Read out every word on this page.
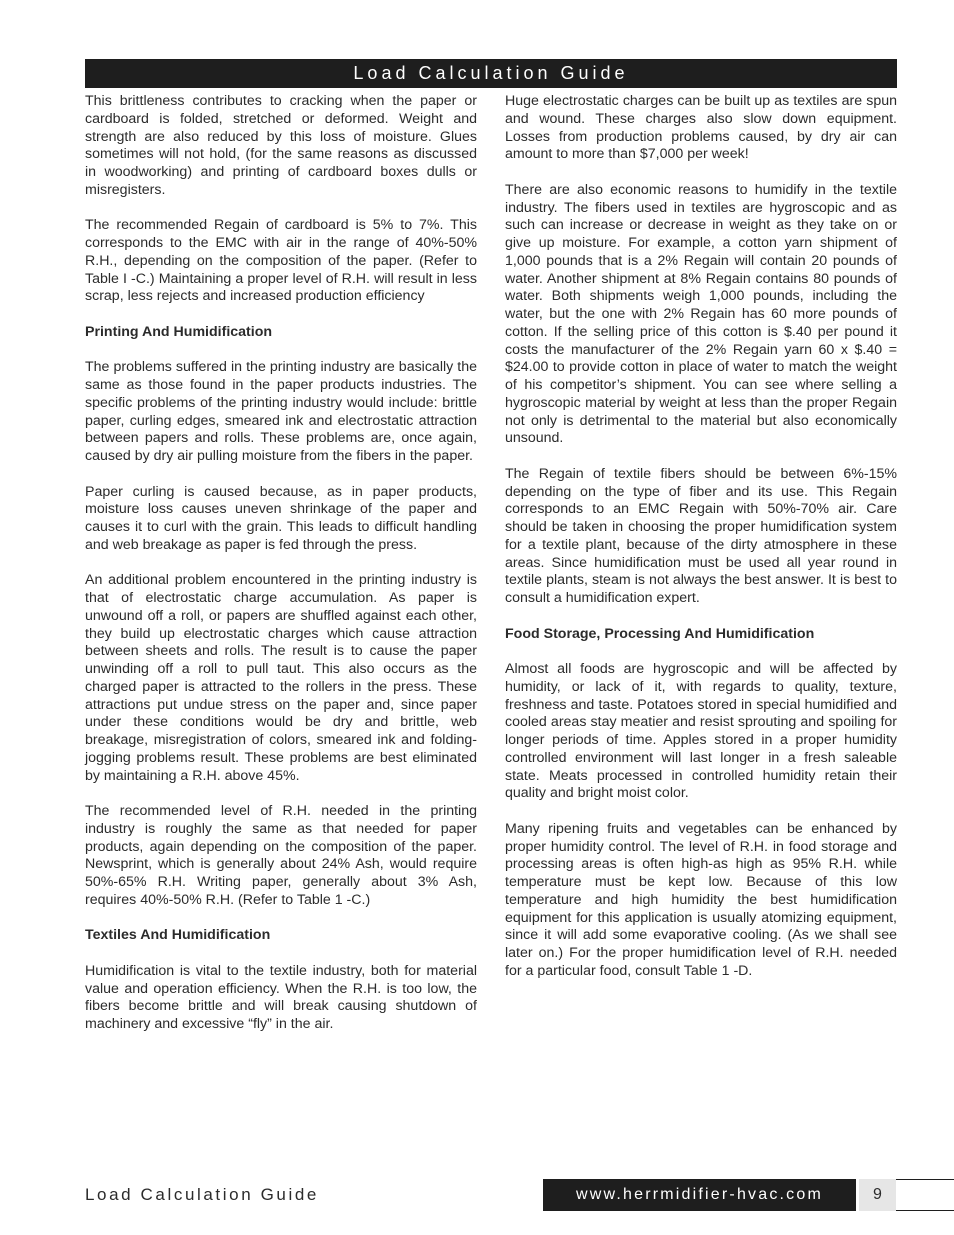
Load Calculation Guide

This brittleness contributes to cracking when the paper or cardboard is folded, stretched or deformed. Weight and strength are also reduced by this loss of moisture. Glues sometimes will not hold, (for the same reasons as discussed in woodworking) and printing of cardboard boxes dulls or misregisters.

The recommended Regain of cardboard is 5% to 7%. This corresponds to the EMC with air in the range of 40%-50% R.H., depending on the composition of the paper. (Refer to Table I -C.) Maintaining a proper level of R.H. will result in less scrap, less rejects and increased production efficiency

Printing And Humidification

The problems suffered in the printing industry are basically the same as those found in the paper products industries. The specific problems of the printing industry would include: brittle paper, curling edges, smeared ink and electrostatic attraction between papers and rolls. These problems are, once again, caused by dry air pulling moisture from the fibers in the paper.

Paper curling is caused because, as in paper products, moisture loss causes uneven shrinkage of the paper and causes it to curl with the grain. This leads to difficult handling and web breakage as paper is fed through the press.

An additional problem encountered in the printing industry is that of electrostatic charge accumulation. As paper is unwound off a roll, or papers are shuffled against each other, they build up electrostatic charges which cause attraction between sheets and rolls. The result is to cause the paper unwinding off a roll to pull taut. This also occurs as the charged paper is attracted to the rollers in the press. These attractions put undue stress on the paper and, since paper under these conditions would be dry and brittle, web breakage, misregistration of colors, smeared ink and folding-jogging problems result. These problems are best eliminated by maintaining a R.H. above 45%.

The recommended level of R.H. needed in the printing industry is roughly the same as that needed for paper products, again depending on the composition of the paper. Newsprint, which is generally about 24% Ash, would require 50%-65% R.H. Writing paper, generally about 3% Ash, requires 40%-50% R.H. (Refer to Table 1 -C.)

Textiles And Humidification

Humidification is vital to the textile industry, both for material value and operation efficiency. When the R.H. is too low, the fibers become brittle and will break causing shutdown of machinery and excessive “fly” in the air.

Huge electrostatic charges can be built up as textiles are spun and wound. These charges also slow down equipment. Losses from production problems caused, by dry air can amount to more than $7,000 per week!

There are also economic reasons to humidify in the textile industry. The fibers used in textiles are hygroscopic and as such can increase or decrease in weight as they take on or give up moisture. For example, a cotton yarn shipment of 1,000 pounds that is a 2% Regain will contain 20 pounds of water. Another shipment at 8% Regain contains 80 pounds of water. Both shipments weigh 1,000 pounds, including the water, but the one with 2% Regain has 60 more pounds of cotton. If the selling price of this cotton is $.40 per pound it costs the manufacturer of the 2% Regain yarn 60 x $.40 = $24.00 to provide cotton in place of water to match the weight of his competitor’s shipment. You can see where selling a hygroscopic material by weight at less than the proper Regain not only is detrimental to the material but also economically unsound.

The Regain of textile fibers should be between 6%-15% depending on the type of fiber and its use. This Regain corresponds to an EMC Regain with 50%-70% air. Care should be taken in choosing the proper humidification system for a textile plant, because of the dirty atmosphere in these areas. Since humidification must be used all year round in textile plants, steam is not always the best answer. It is best to consult a humidification expert.

Food Storage, Processing And Humidification

Almost all foods are hygroscopic and will be affected by humidity, or lack of it, with regards to quality, texture, freshness and taste. Potatoes stored in special humidified and cooled areas stay meatier and resist sprouting and spoiling for longer periods of time. Apples stored in a proper humidity controlled environment will last longer in a fresh saleable state. Meats processed in controlled humidity retain their quality and bright moist color.

Many ripening fruits and vegetables can be enhanced by proper humidity control. The level of R.H. in food storage and processing areas is often high-as high as 95% R.H. while temperature must be kept low. Because of this low temperature and high humidity the best humidification equipment for this application is usually atomizing equipment, since it will add some evaporative cooling. (As we shall see later on.) For the proper humidification level of R.H. needed for a particular food, consult Table 1 -D.

Load Calculation Guide	www.herrmidifier-hvac.com	9
